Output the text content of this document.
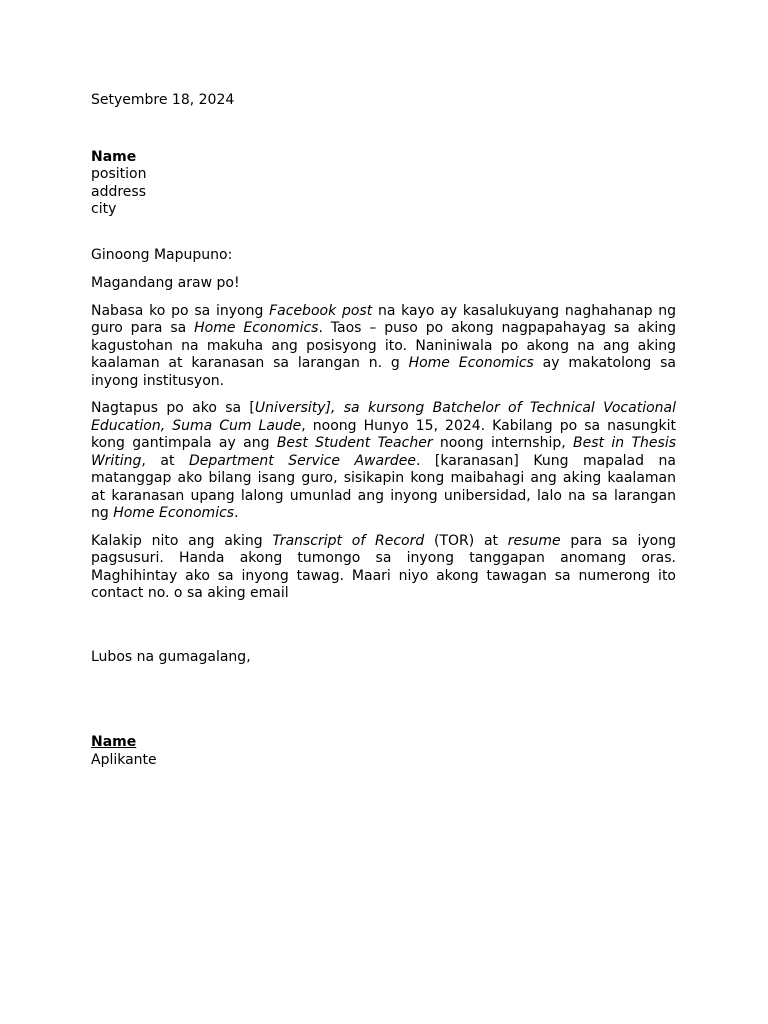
Setyembre 18, 2024
Name
position
address
city
Ginoong Mapupuno:
Magandang araw po!

Nabasa ko po sa inyong Facebook post na kayo ay kasalukuyang naghahanap ng guro para sa Home Economics. Taos – puso po akong nagpapahayag sa aking kagustohan na makuha ang posisyong ito. Naniniwala po akong na ang aking kaalaman at karanasan sa larangan n. g Home Economics ay makatolong sa inyong institusyon.

Nagtapus po ako sa [University], sa kursong Batchelor of Technical Vocational Education, Suma Cum Laude, noong Hunyo 15, 2024. Kabilang po sa nasungkit kong gantimpala ay ang Best Student Teacher noong internship, Best in Thesis Writing, at Department Service Awardee. [karanasan] Kung mapalad na matanggap ako bilang isang guro, sisikapin kong maibahagi ang aking kaalaman at karanasan upang lalong umunlad ang inyong unibersidad, lalo na sa larangan ng Home Economics.

Kalakip nito ang aking Transcript of Record (TOR) at resume para sa iyong pagsusuri. Handa akong tumongo sa inyong tanggapan anomang oras. Maghihintay ako sa inyong tawag. Maari niyo akong tawagan sa numerong ito contact no. o sa aking email

Lubos na gumagalang,
Name
Aplikante
